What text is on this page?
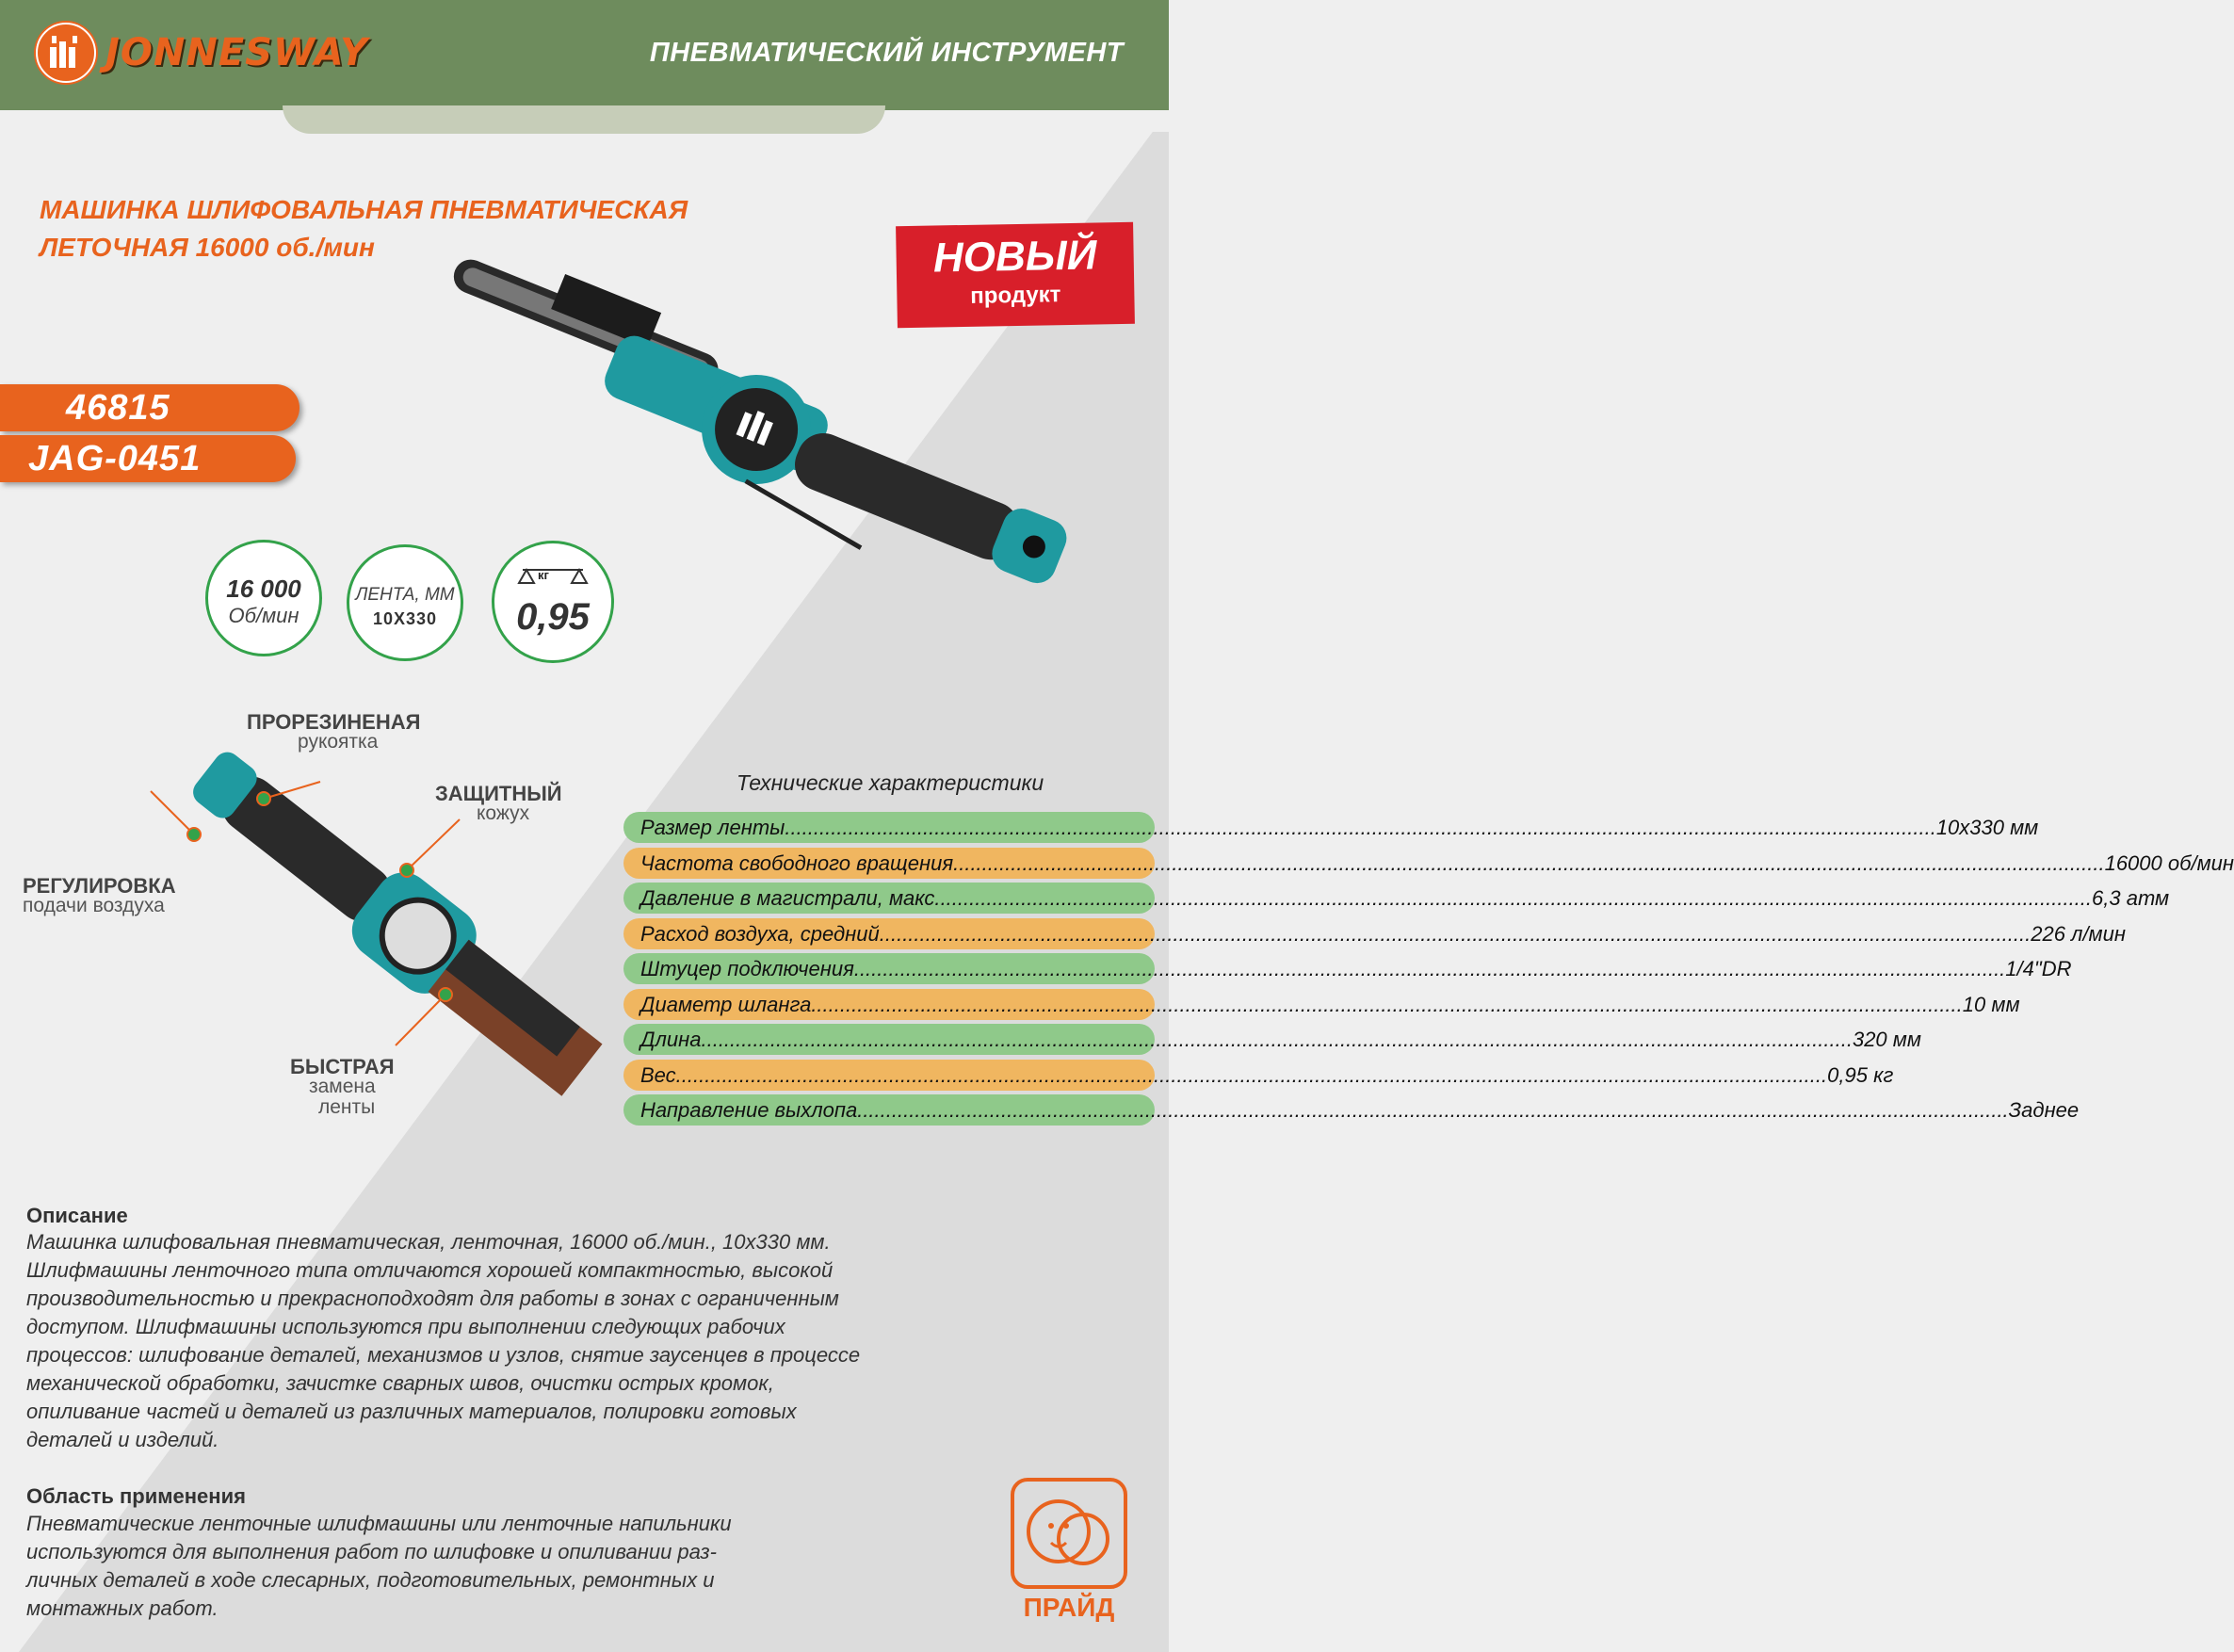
JONNESWAY	ПНЕВМАТИЧЕСКИЙ ИНСТРУМЕНТ
МАШИНКА ШЛИФОВАЛЬНАЯ ПНЕВМАТИЧЕСКАЯ
ЛЕТОЧНАЯ 16000 об./мин	НОВЫЙ
продукт
46815
JAG-0451
16 000
Об/мин
ЛЕНТА, ММ
10X330
кг
0,95
ПРОРЕЗИНЕНАЯ
рукоятка
ЗАЩИТНЫЙ
кожух
РЕГУЛИРОВКА
подачи воздуха
БЫСТРАЯ
замена
ленты
Технические характеристики
Размер ленты ........................................................................................................................................................................................................ 10x330 мм
Частота свободного вращения ........................................................................................................................................................................................................ 16000 об/мин
Давление в магистрали, макс. ........................................................................................................................................................................................................ 6,3 атм
Расход воздуха, средний ........................................................................................................................................................................................................ 226 л/мин
Штуцер подключения ........................................................................................................................................................................................................ 1/4"DR
Диаметр шланга ........................................................................................................................................................................................................ 10 мм
Длина ........................................................................................................................................................................................................ 320 мм
Вес ........................................................................................................................................................................................................ 0,95 кг
Направление выхлопа ........................................................................................................................................................................................................ Заднее
Описание
Машинка шлифовальная пневматическая, ленточная, 16000 об./мин., 10х330 мм.
Шлифмашины ленточного типа отличаются хорошей компактностью, высокой
производительностью и прекрасноподходят для работы в зонах с ограниченным
доступом. Шлифмашины используются при выполнении следующих рабочих
процессов: шлифование деталей, механизмов и узлов, снятие заусенцев в процессе
механической обработки, зачистке сварных швов, очистки острых кромок,
опиливание частей и деталей из различных материалов, полировки готовых
деталей и изделий.
Область применения
Пневматические ленточные шлифмашины или ленточные напильники
используются для выполнения работ по шлифовке и опиливании раз-
личных деталей в ходе слесарных, подготовительных, ремонтных и
монтажных работ.	ПРАЙД
